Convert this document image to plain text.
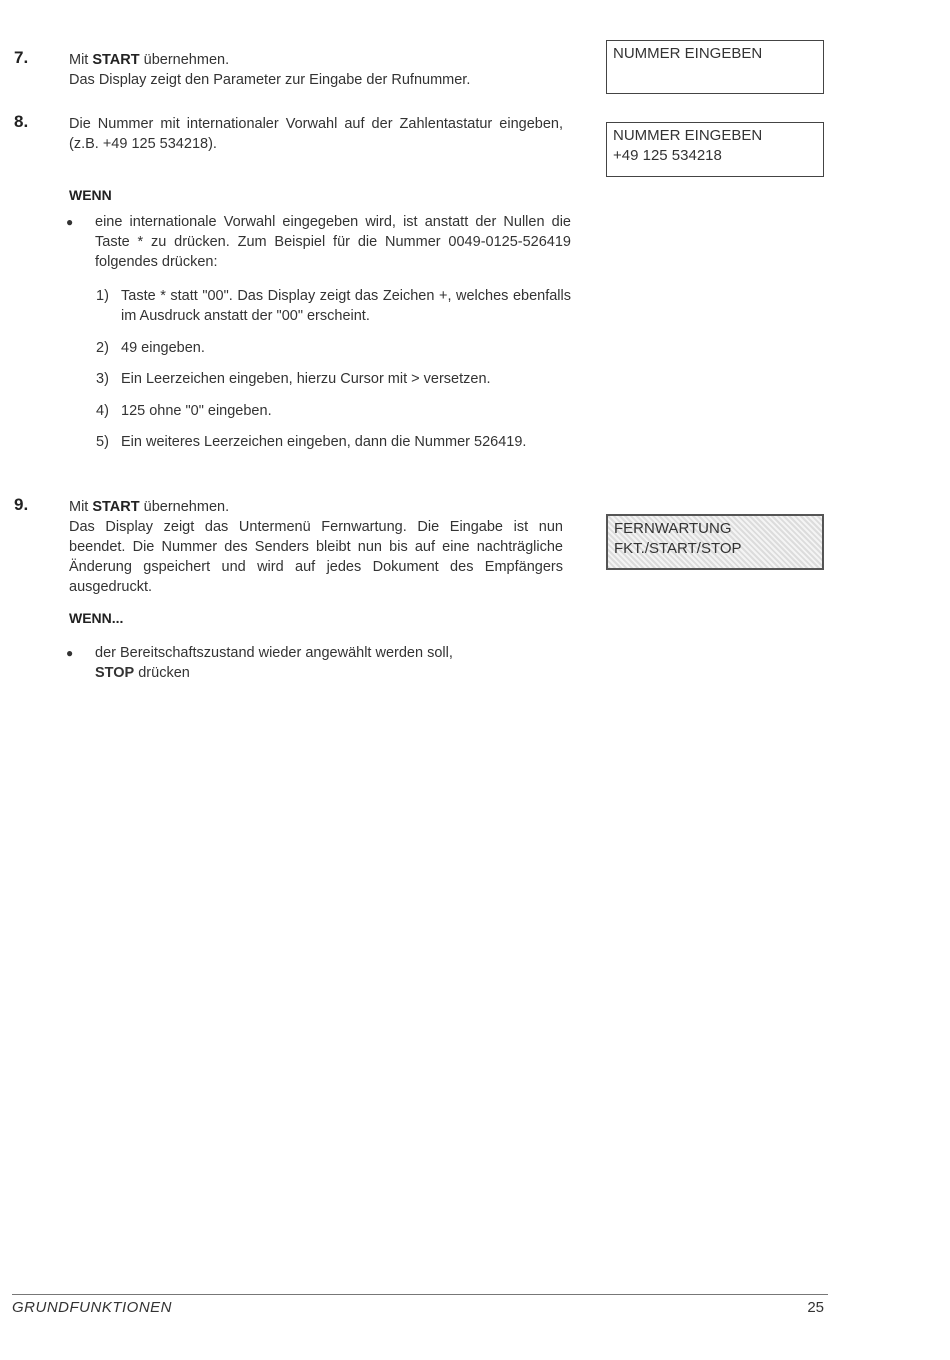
7.	Mit START übernehmen.
Das Display zeigt den Parameter zur Eingabe der Rufnummer.
NUMMER EINGEBEN
8.	Die Nummer mit internationaler Vorwahl auf der Zahlentastatur eingeben, (z.B. +49 125 534218).	NUMMER EINGEBEN
+49 125 534218
WENN
●	eine internationale Vorwahl eingegeben wird, ist anstatt der Nullen die Taste * zu drücken. Zum Beispiel für die Nummer 0049-0125-526419 folgendes drücken:
1) Taste * statt "00". Das Display zeigt das Zeichen +, welches ebenfalls im Ausdruck anstatt der "00" erscheint.
2) 49 eingeben.
3) Ein Leerzeichen eingeben, hierzu Cursor mit > versetzen.
4) 125 ohne "0" eingeben.
5) Ein weiteres Leerzeichen eingeben, dann die Nummer 526419.
9.	Mit START übernehmen.
Das Display zeigt das Untermenü Fernwartung. Die Eingabe ist nun beendet. Die Nummer des Senders bleibt nun bis auf eine nachträgliche Änderung gspeichert und wird auf jedes Dokument des Empfängers ausgedruckt.
FERNWARTUNG
FKT./START/STOP
WENN...
●	der Bereitschaftszustand wieder angewählt werden soll,
STOP drücken
GRUNDFUNKTIONEN	25
